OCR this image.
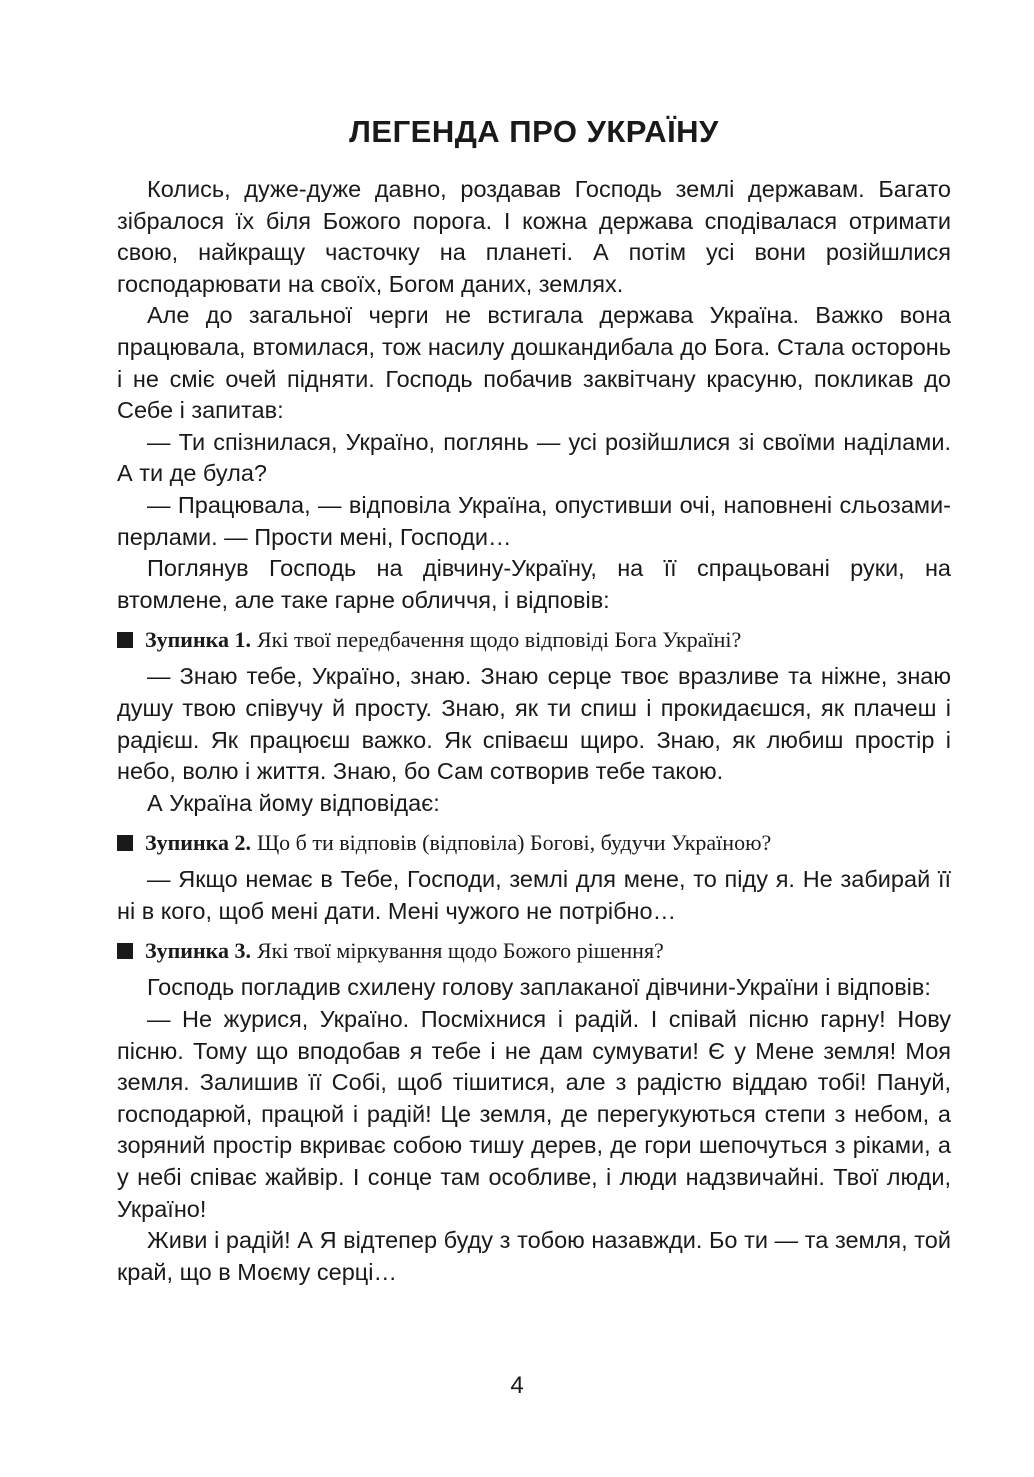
ЛЕГЕНДА ПРО УКРАЇНУ

Колись, дуже-дуже давно, роздавав Господь землі державам. Багато зібралося їх біля Божого порога. І кожна держава сподівалася отримати свою, найкращу часточку на планеті. А потім усі вони розійшлися господарювати на своїх, Богом даних, землях.

Але до загальної черги не встигала держава Україна. Важко вона працювала, втомилася, тож насилу дошкандибала до Бога. Стала осторонь і не сміє очей підняти. Господь побачив заквітчану красуню, покликав до Себе і запитав:

— Ти спізнилася, Україно, поглянь — усі розійшлися зі своїми наділами. А ти де була?

— Працювала, — відповіла Україна, опустивши очі, наповнені сльозами-перлами. — Прости мені, Господи…

Поглянув Господь на дівчину-Україну, на її спрацьовані руки, на втомлене, але таке гарне обличчя, і відповів:

Зупинка 1. Які твої передбачення щодо відповіді Бога Україні?

— Знаю тебе, Україно, знаю. Знаю серце твоє вразливе та ніжне, знаю душу твою співучу й просту. Знаю, як ти спиш і прокидаєшся, як плачеш і радієш. Як працюєш важко. Як співаєш щиро. Знаю, як любиш простір і небо, волю і життя. Знаю, бо Сам сотворив тебе такою.

А Україна йому відповідає:

Зупинка 2. Що б ти відповів (відповіла) Богові, будучи Україною?

— Якщо немає в Тебе, Господи, землі для мене, то піду я. Не забирай її ні в кого, щоб мені дати. Мені чужого не потрібно…

Зупинка 3. Які твої міркування щодо Божого рішення?

Господь погладив схилену голову заплаканої дівчини-України і відповів:

— Не журися, Україно. Посміхнися і радій. І співай пісню гарну! Нову пісню. Тому що вподобав я тебе і не дам сумувати! Є у Мене земля! Моя земля. Залишив її Собі, щоб тішитися, але з радістю віддаю тобі! Пануй, господарюй, працюй і радій! Це земля, де перегукуються степи з небом, а зоряний простір вкриває собою тишу дерев, де гори шепочуться з ріками, а у небі співає жайвір. І сонце там особливе, і люди надзвичайні. Твої люди, Україно!

Живи і радій! А Я відтепер буду з тобою назавжди. Бо ти — та земля, той край, що в Моєму серці…

4
